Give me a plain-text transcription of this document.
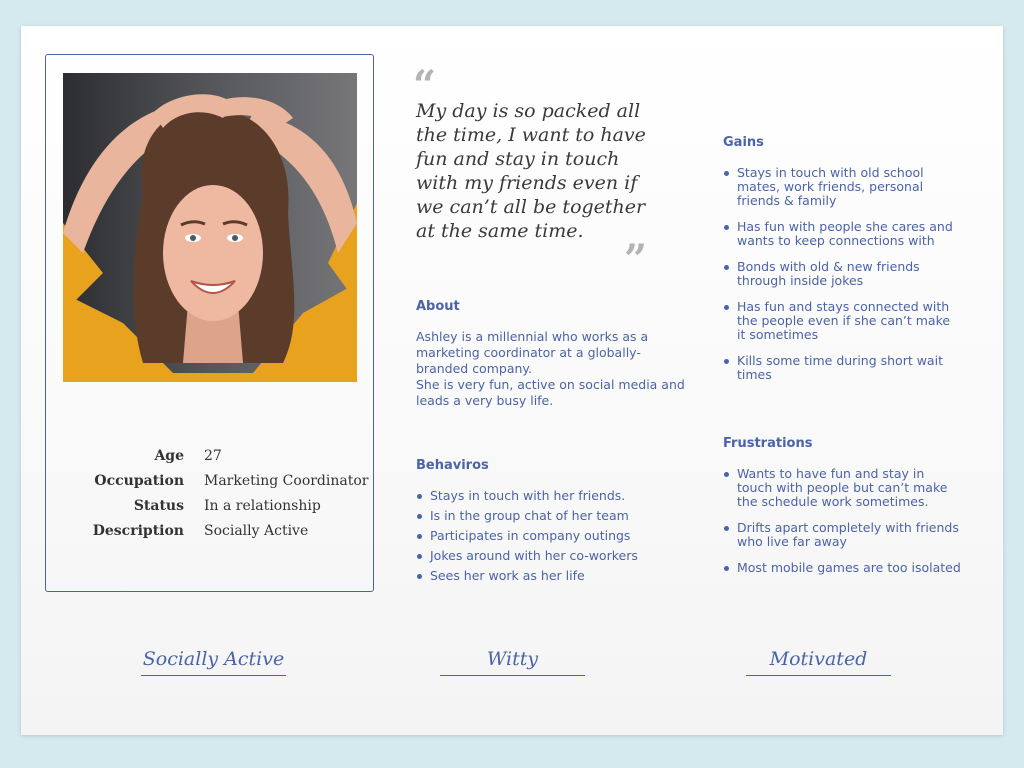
Age 27
Occupation Marketing Coordinator
Status In a relationship
Description Socially Active
“
My day is so packed all the time, I want to have fun and stay in touch with my friends even if we can’t all be together at the same time.
”
About
Ashley is a millennial who works as a marketing coordinator at a globally-branded company.
She is very fun, active on social media and leads a very busy life.
Behaviros
Stays in touch with her friends.
Is in the group chat of her team
Participates in company outings
Jokes around with her co-workers
Sees her work as her life
Gains
Stays in touch with old school mates, work friends, personal friends & family
Has fun with people she cares and wants to keep connections with
Bonds with old & new friends through inside jokes
Has fun and stays connected with the people even if she can’t make it sometimes
Kills some time during short wait times
Frustrations
Wants to have fun and stay in touch with people but can’t make the schedule work sometimes.
Drifts apart completely with friends who live far away
Most mobile games are too isolated
Socially Active	Witty	Motivated
